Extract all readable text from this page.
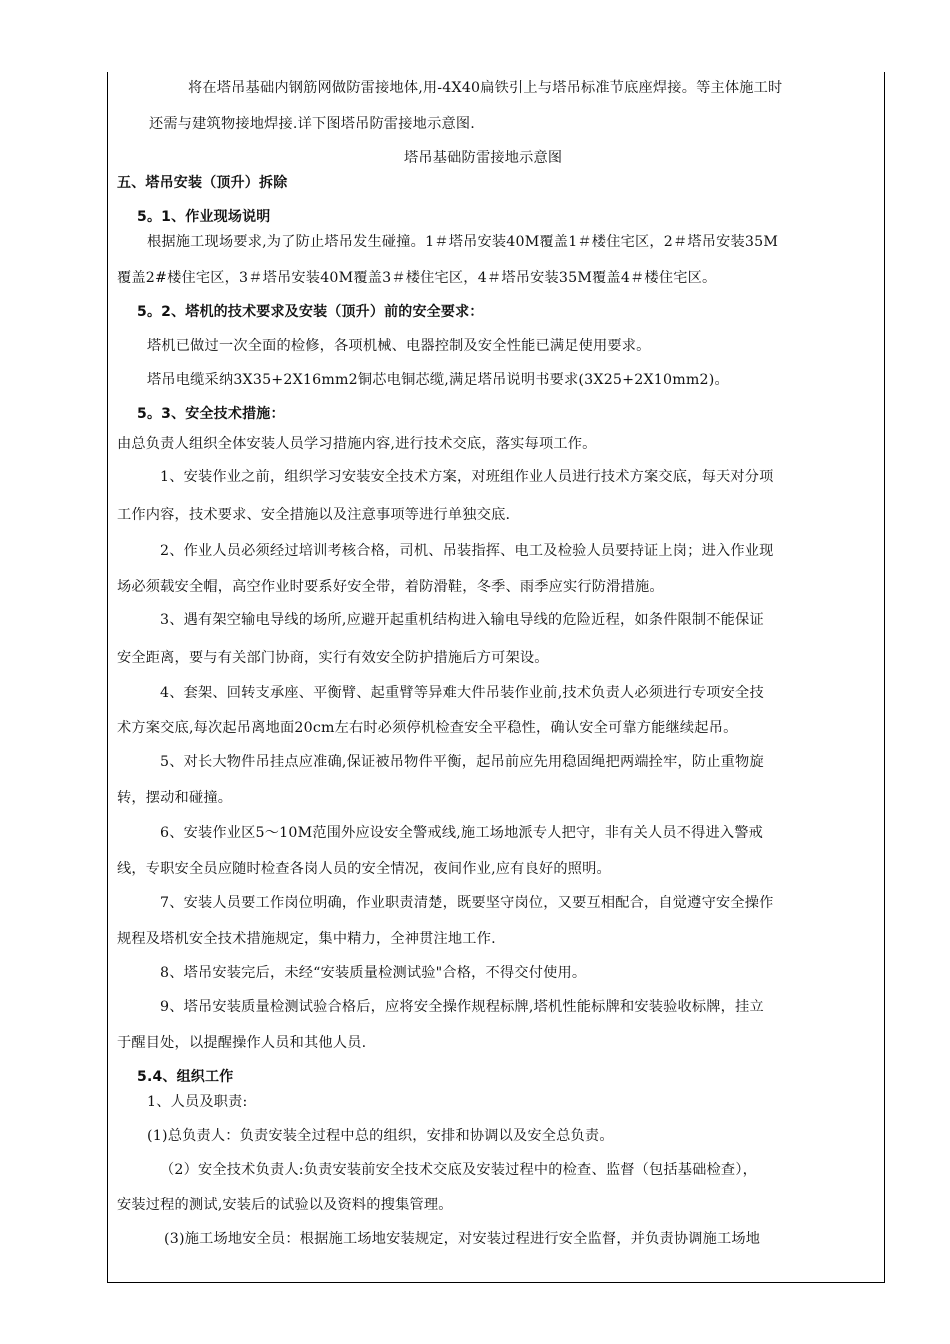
将在塔吊基础内钢筋网做防雷接地体,用-4X40扁铁引上与塔吊标准节底座焊接。等主体施工时
还需与建筑物接地焊接.详下图塔吊防雷接地示意图.
塔吊基础防雷接地示意图
五、塔吊安装（顶升）拆除
5。1、作业现场说明
根据施工现场要求,为了防止塔吊发生碰撞。1＃塔吊安装40M覆盖1＃楼住宅区，2＃塔吊安装35M
覆盖2#楼住宅区，3＃塔吊安装40M覆盖3＃楼住宅区，4＃塔吊安装35M覆盖4＃楼住宅区。
5。2、塔机的技术要求及安装（顶升）前的安全要求：
塔机已做过一次全面的检修，各项机械、电器控制及安全性能已满足使用要求。
塔吊电缆采纳3X35+2X16mm2铜芯电铜芯缆,满足塔吊说明书要求(3X25+2X10mm2)。
5。3、安全技术措施：
由总负责人组织全体安装人员学习措施内容,进行技术交底，落实每项工作。
1、安装作业之前，组织学习安装安全技术方案，对班组作业人员进行技术方案交底，每天对分项
工作内容，技术要求、安全措施以及注意事项等进行单独交底.
2、作业人员必须经过培训考核合格，司机、吊装指挥、电工及检验人员要持证上岗；进入作业现
场必须载安全帽，高空作业时要系好安全带，着防滑鞋，冬季、雨季应实行防滑措施。
3、遇有架空输电导线的场所,应避开起重机结构进入输电导线的危险近程，如条件限制不能保证
安全距离，要与有关部门协商，实行有效安全防护措施后方可架设。
4、套架、回转支承座、平衡臂、起重臂等异难大件吊装作业前,技术负责人必须进行专项安全技
术方案交底,每次起吊离地面20cm左右时必须停机检查安全平稳性，确认安全可靠方能继续起吊。
5、对长大物件吊挂点应准确,保证被吊物件平衡，起吊前应先用稳固绳把两端拴牢，防止重物旋
转，摆动和碰撞。
6、安装作业区5～10M范围外应设安全警戒线,施工场地派专人把守，非有关人员不得进入警戒
线，专职安全员应随时检查各岗人员的安全情况，夜间作业,应有良好的照明。
7、安装人员要工作岗位明确，作业职责清楚，既要坚守岗位，又要互相配合，自觉遵守安全操作
规程及塔机安全技术措施规定，集中精力，全神贯注地工作.
8、塔吊安装完后，未经“安装质量检测试验"合格，不得交付使用。
9、塔吊安装质量检测试验合格后，应将安全操作规程标牌,塔机性能标牌和安装验收标牌，挂立
于醒目处，以提醒操作人员和其他人员.
5.4、组织工作
1、人员及职责:
(1)总负责人：负责安装全过程中总的组织，安排和协调以及安全总负责。
（2）安全技术负责人:负责安装前安全技术交底及安装过程中的检查、监督（包括基础检查），
安装过程的测试,安装后的试验以及资料的搜集管理。
(3)施工场地安全员：根据施工场地安装规定，对安装过程进行安全监督，并负责协调施工场地
